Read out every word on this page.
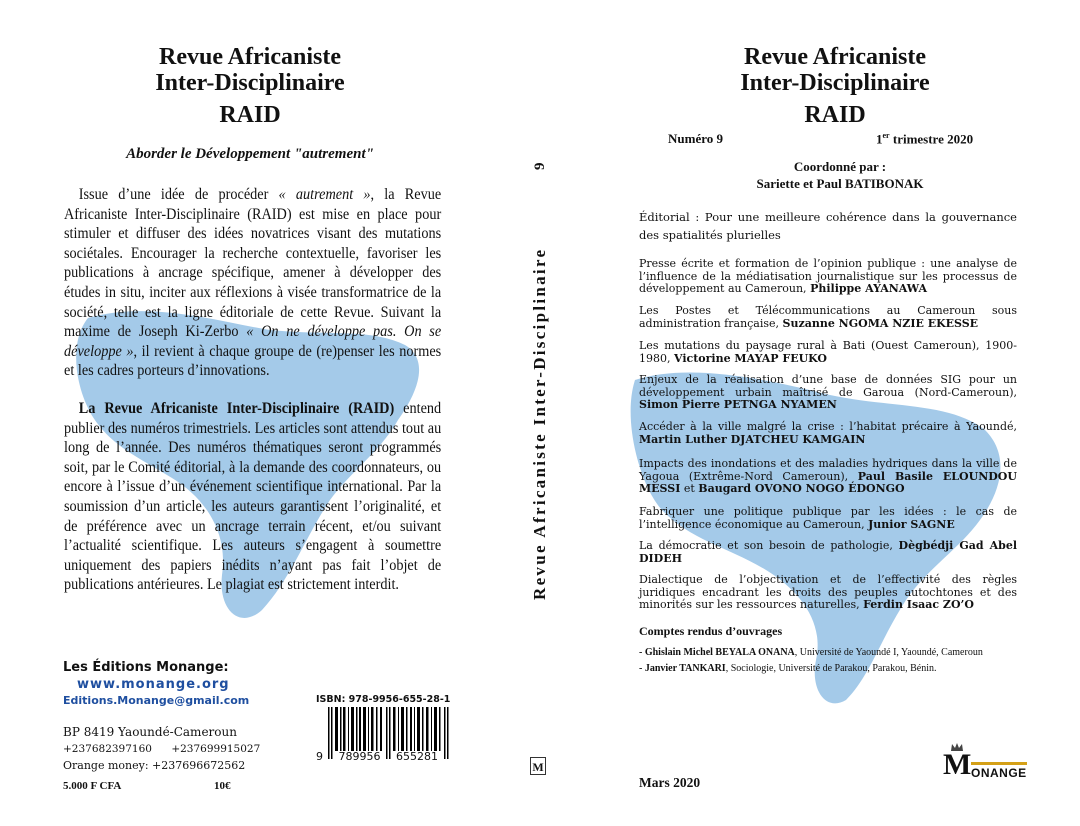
Revue Africaniste
Inter-Disciplinaire
RAID
Aborder le Développement "autrement"

Issue d’une idée de procéder « autrement », la Revue Africaniste Inter-Disciplinaire (RAID) est mise en place pour stimuler et diffuser des idées novatrices visant des mutations sociétales. Encourager la recherche contextuelle, favoriser les publications à ancrage spécifique, amener à développer des études in situ, inciter aux réflexions à visée transformatrice de la société, telle est la ligne éditoriale de cette Revue. Suivant la maxime de Joseph Ki-Zerbo « On ne développe pas. On se développe », il revient à chaque groupe de (re)penser les normes et les cadres porteurs d’innovations.

La Revue Africaniste Inter-Disciplinaire (RAID) entend publier des numéros trimestriels. Les articles sont attendus tout au long de l’année. Des numéros thématiques seront programmés soit, par le Comité éditorial, à la demande des coordonnateurs, ou encore à l’issue d’un événement scientifique international. Par la soumission d’un article, les auteurs garantissent l’originalité, et de préférence avec un ancrage terrain récent, et/ou suivant l’actualité scientifique. Les auteurs s’engagent à soumettre uniquement des papiers inédits n’ayant pas fait l’objet de publications antérieures. Le plagiat est strictement interdit.

Les Éditions Monange:
www.monange.org
Editions.Monange@gmail.com
BP 8419 Yaoundé-Cameroun
+237682397160 +237699915027
Orange money: +237696672562
5.000 F CFA	10€
ISBN: 978-9956-655-28-1
9 789956 655281
9
Revue Africaniste Inter-Disciplinaire
M
Revue Africaniste
Inter-Disciplinaire
RAID
Numéro 9	1er trimestre 2020
Coordonné par :
Sariette et Paul BATIBONAK
Éditorial : Pour une meilleure cohérence dans la gouvernance des spatialités plurielles
Presse écrite et formation de l’opinion publique : une analyse de l’influence de la médiatisation journalistique sur les processus de développement au Cameroun, Philippe AYANAWA
Les Postes et Télécommunications au Cameroun sous administration française, Suzanne NGOMA NZIE EKESSE
Les mutations du paysage rural à Bati (Ouest Cameroun), 1900-1980, Victorine MAYAP FEUKO
Enjeux de la réalisation d’une base de données SIG pour un développement urbain maîtrisé de Garoua (Nord-Cameroun), Simon Pierre PETNGA NYAMEN
Accéder à la ville malgré la crise : l’habitat précaire à Yaoundé, Martin Luther DJATCHEU KAMGAIN
Impacts des inondations et des maladies hydriques dans la ville de Yagoua (Extrême-Nord Cameroun), Paul Basile ELOUNDOU MESSI et Baugard OVONO NOGO ÉDONGO
Fabriquer une politique publique par les idées : le cas de l’intelligence économique au Cameroun, Junior SAGNE
La démocratie et son besoin de pathologie, Dègbédji Gad Abel DIDEH
Dialectique de l’objectivation et de l’effectivité des règles juridiques encadrant les droits des peuples autochtones et des minorités sur les ressources naturelles, Ferdin Isaac ZO’O
Comptes rendus d’ouvrages
- Ghislain Michel BEYALA ONANA, Université de Yaoundé I, Yaoundé, Cameroun
- Janvier TANKARI, Sociologie, Université de Parakou, Parakou, Bénin.
Mars 2020
M ONANGE
